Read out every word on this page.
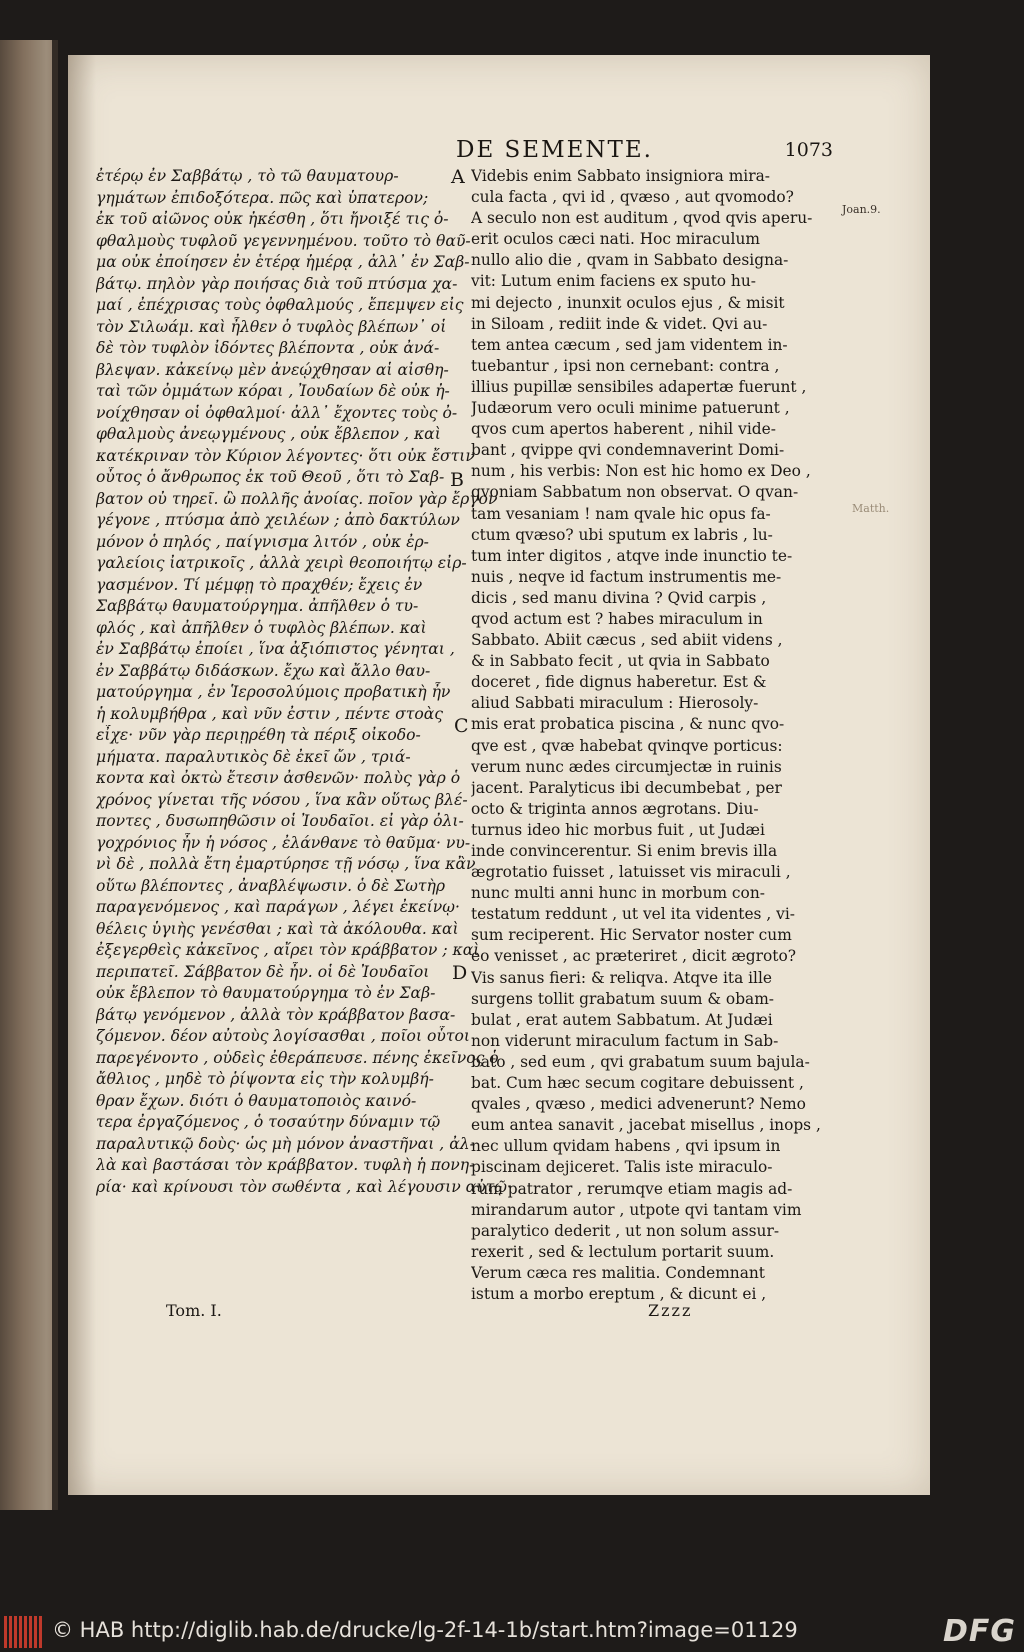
DE SEMENTE.	1073
ἐτέρῳ ἐν Σαββάτῳ , τὸ τῶ θαυματουρ-
γημάτων ἐπιδοξότερα. πῶς καὶ ὑπατερον;
ἐκ τοῦ αἰῶνος οὐκ ἠκέσθη , ὅτι ἤνοιξέ τις ὀ-
φθαλμοὺς τυφλοῦ γεγεννημένου. τοῦτο τὸ θαῦ-
μα οὐκ ἐποίησεν ἐν ἑτέρᾳ ἡμέρᾳ , ἀλλ᾽ ἐν Σαβ-
βάτῳ. πηλὸν γὰρ ποιήσας διὰ τοῦ πτύσμα χα-
μαί , ἐπέχρισας τοὺς ὀφθαλμούς , ἔπεμψεν εἰς
τὸν Σιλωάμ. καὶ ἦλθεν ὁ τυφλὸς βλέπων᾽ οἱ
δὲ τὸν τυφλὸν ἰδόντες βλέποντα , οὐκ ἀνά-
βλεψαν. κἀκείνῳ μὲν ἀνεῴχθησαν αἱ αἰσθη-
ταὶ τῶν ὀμμάτων κόραι , Ἰουδαίων δὲ οὐκ ἠ-
νοίχθησαν οἱ ὀφθαλμοί· ἀλλ᾽ ἔχοντες τοὺς ὀ-
φθαλμοὺς ἀνεῳγμένους , οὐκ ἔβλεπον , καὶ
κατέκριναν τὸν Κύριον λέγοντες· ὅτι οὐκ ἔστιν
οὗτος ὁ ἄνθρωπος ἐκ τοῦ Θεοῦ , ὅτι τὸ Σαβ-
βατον οὐ τηρεῖ. ὢ πολλῆς ἀνοίας. ποῖον γὰρ ἔργον
γέγονε , πτύσμα ἀπὸ χειλέων ; ἀπὸ δακτύλων
μόνον ὁ πηλός , παίγνισμα λιτόν , οὐκ ἐρ-
γαλείοις ἰατρικοῖς , ἀλλὰ χειρὶ θεοποιήτῳ εἰρ-
γασμένον. Τί μέμφῃ τὸ πραχθέν; ἔχεις ἐν
Σαββάτῳ θαυματούργημα. ἀπῆλθεν ὁ τυ-
φλός , καὶ ἀπῆλθεν ὁ τυφλὸς βλέπων. καὶ
ἐν Σαββάτῳ ἐποίει , ἵνα ἀξιόπιστος γένηται ,
ἐν Σαββάτῳ διδάσκων. ἔχω καὶ ἄλλο θαυ-
ματούργημα , ἐν Ἱεροσολύμοις προβατικὴ ἦν
ἡ κολυμβήθρα , καὶ νῦν ἐστιν , πέντε στοὰς
εἶχε· νῦν γὰρ περιῃρέθη τὰ πέριξ οἰκοδο-
μήματα. παραλυτικὸς δὲ ἐκεῖ ὤν , τριά-
κοντα καὶ ὀκτὼ ἔτεσιν ἀσθενῶν· πολὺς γὰρ ὁ
χρόνος γίνεται τῆς νόσου , ἵνα κἂν οὕτως βλέ-
ποντες , δυσωπηθῶσιν οἱ Ἰουδαῖοι. εἰ γὰρ ὀλι-
γοχρόνιος ἦν ἡ νόσος , ἐλάνθανε τὸ θαῦμα· νυ-
νὶ δὲ , πολλὰ ἔτη ἐμαρτύρησε τῇ νόσῳ , ἵνα κἂν
οὕτω βλέποντες , ἀναβλέψωσιν. ὁ δὲ Σωτὴρ
παραγενόμενος , καὶ παράγων , λέγει ἐκείνῳ·
θέλεις ὑγιὴς γενέσθαι ; καὶ τὰ ἀκόλουθα. καὶ
ἐξεγερθεὶς κἀκεῖνος , αἴρει τὸν κράββατον ; καὶ
περιπατεῖ. Σάββατον δὲ ἦν. οἱ δὲ Ἰουδαῖοι
οὐκ ἔβλεπον τὸ θαυματούργημα τὸ ἐν Σαβ-
βάτῳ γενόμενον , ἀλλὰ τὸν κράββατον βασα-
ζόμενον. δέον αὐτοὺς λογίσασθαι , ποῖοι οὗτοι
παρεγένοντο , οὐδεὶς ἐθεράπευσε. πένης ἐκεῖνος ὁ
ἄθλιος , μηδὲ τὸ ῥίψοντα εἰς τὴν κολυμβή-
θραν ἔχων. διότι ὁ θαυματοποιὸς καινό-
τερα ἐργαζόμενος , ὁ τοσαύτην δύναμιν τῷ
παραλυτικῷ δοὺς· ὡς μὴ μόνον ἀναστῆναι , ἀλ-
λὰ καὶ βαστάσαι τὸν κράββατον. τυφλὴ ἡ πονη-
ρία· καὶ κρίνουσι τὸν σωθέντα , καὶ λέγουσιν αὐτῷ·
Videbis enim Sabbato insigniora mira-
cula facta , qvi id , qvæso , aut qvomodo?
A seculo non est auditum , qvod qvis aperu-
erit oculos cæci nati. Hoc miraculum
nullo alio die , qvam in Sabbato designa-
vit: Lutum enim faciens ex sputo hu-
mi dejecto , inunxit oculos ejus , & misit
in Siloam , rediit inde & videt. Qvi au-
tem antea cæcum , sed jam videntem in-
tuebantur , ipsi non cernebant: contra ,
illius pupillæ sensibiles adapertæ fuerunt ,
Judæorum vero oculi minime patuerunt ,
qvos cum apertos haberent , nihil vide-
bant , qvippe qvi condemnaverint Domi-
num , his verbis: Non est hic homo ex Deo ,
qvoniam Sabbatum non observat. O qvan-
tam vesaniam ! nam qvale hic opus fa-
ctum qvæso? ubi sputum ex labris , lu-
tum inter digitos , atqve inde inunctio te-
nuis , neqve id factum instrumentis me-
dicis , sed manu divina ? Qvid carpis ,
qvod actum est ? habes miraculum in
Sabbato. Abiit cæcus , sed abiit videns ,
& in Sabbato fecit , ut qvia in Sabbato
doceret , fide dignus haberetur. Est &
aliud Sabbati miraculum : Hierosoly-
mis erat probatica piscina , & nunc qvo-
qve est , qvæ habebat qvinqve porticus:
verum nunc ædes circumjectæ in ruinis
jacent. Paralyticus ibi decumbebat , per
octo & triginta annos ægrotans. Diu-
turnus ideo hic morbus fuit , ut Judæi
inde convincerentur. Si enim brevis illa
ægrotatio fuisset , latuisset vis miraculi ,
nunc multi anni hunc in morbum con-
testatum reddunt , ut vel ita videntes , vi-
sum reciperent. Hic Servator noster cum
eo venisset , ac præteriret , dicit ægroto?
Vis sanus fieri: & reliqva. Atqve ita ille
surgens tollit grabatum suum & obam-
bulat , erat autem Sabbatum. At Judæi
non viderunt miraculum factum in Sab-
bato , sed eum , qvi grabatum suum bajula-
bat. Cum hæc secum cogitare debuissent ,
qvales , qvæso , medici advenerunt? Nemo
eum antea sanavit , jacebat misellus , inops ,
nec ullum qvidam habens , qvi ipsum in
piscinam dejiceret. Talis iste miraculo-
rum patrator , rerumqve etiam magis ad-
mirandarum autor , utpote qvi tantam vim
paralytico dederit , ut non solum assur-
rexerit , sed & lectulum portarit suum.
Verum cæca res malitia. Condemnant
istum a morbo ereptum , & dicunt ei ,
A
B
C
D
Joan.9.
Matth.
Tom. I.	Zzzz
© HAB http://diglib.hab.de/drucke/lg-2f-14-1b/start.htm?image=01129	DFG
